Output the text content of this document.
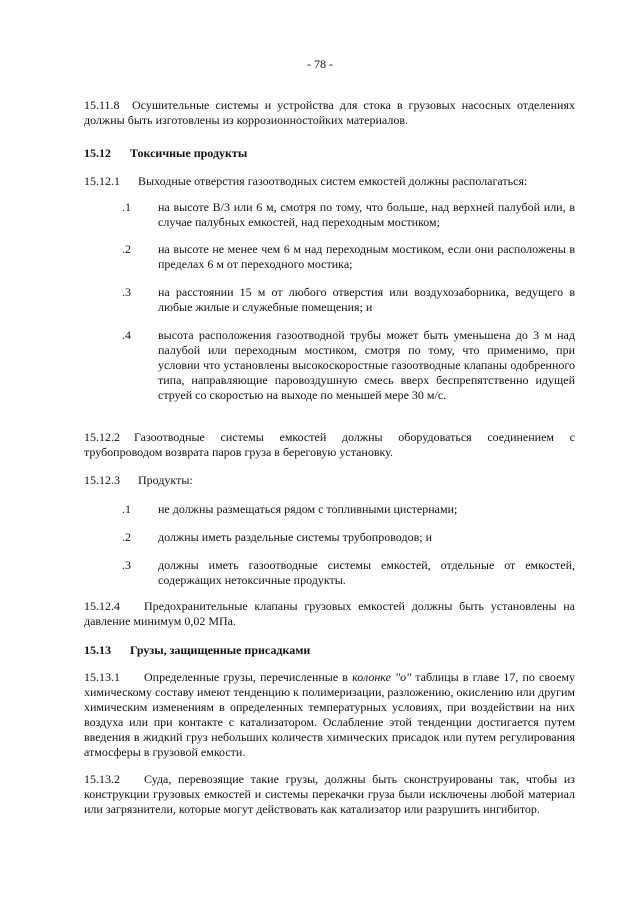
- 78 -

15.11.8 Осушительные системы и устройства для стока в грузовых насосных отделениях должны быть изготовлены из коррозионностойких материалов.

15.12 Токсичные продукты

15.12.1 Выходные отверстия газоотводных систем емкостей должны располагаться:

.1 на высоте B/3 или 6 м, смотря по тому, что больше, над верхней палубой или, в случае палубных емкостей, над переходным мостиком;
.2 на высоте не менее чем 6 м над переходным мостиком, если они расположены в пределах 6 м от переходного мостика;
.3 на расстоянии 15 м от любого отверстия или воздухозаборника, ведущего в любые жилые и служебные помещения; и
.4 высота расположения газоотводной трубы может быть уменьшена до 3 м над палубой или переходным мостиком, смотря по тому, что применимо, при условии что установлены высокоскоростные газоотводные клапаны одобренного типа, направляющие паровоздушную смесь вверх беспрепятственно идущей струей со скоростью на выходе по меньшей мере 30 м/с.

15.12.2 Газоотводные системы емкостей должны оборудоваться соединением с трубопроводом возврата паров груза в береговую установку.

15.12.3 Продукты:

.1 не должны размещаться рядом с топливными цистернами;
.2 должны иметь раздельные системы трубопроводов; и
.3 должны иметь газоотводные системы емкостей, отдельные от емкостей, содержащих нетоксичные продукты.

15.12.4 Предохранительные клапаны грузовых емкостей должны быть установлены на давление минимум 0,02 МПа.

15.13 Грузы, защищенные присадками

15.13.1 Определенные грузы, перечисленные в колонке "о" таблицы в главе 17, по своему химическому составу имеют тенденцию к полимеризации, разложению, окислению или другим химическим изменениям в определенных температурных условиях, при воздействии на них воздуха или при контакте с катализатором. Ослабление этой тенденции достигается путем введения в жидкий груз небольших количеств химических присадок или путем регулирования атмосферы в грузовой емкости.

15.13.2 Суда, перевозящие такие грузы, должны быть сконструированы так, чтобы из конструкции грузовых емкостей и системы перекачки груза были исключены любой материал или загрязнители, которые могут действовать как катализатор или разрушить ингибитор.
